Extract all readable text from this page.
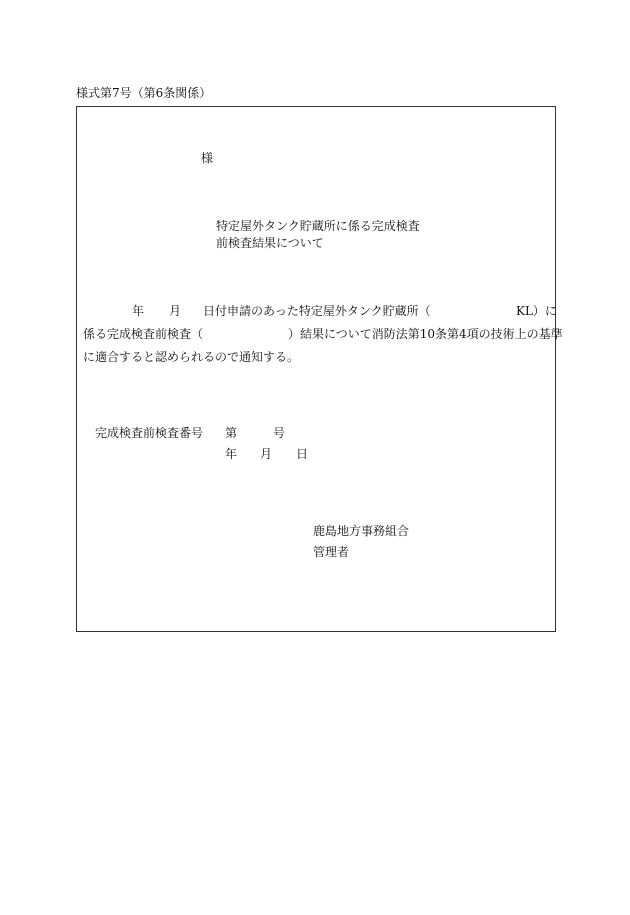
様式第7号（第6条関係）
様
特定屋外タンク貯蔵所に係る完成検査
前検査結果について
年 月 日付申請のあった特定屋外タンク貯蔵所（	KL）に
係る完成検査前検査（	）結果について消防法第10条第4項の技術上の基準
に適合すると認められるので通知する。
完成検査前検査番号 第	号
年 月 日
鹿島地方事務組合
管理者
